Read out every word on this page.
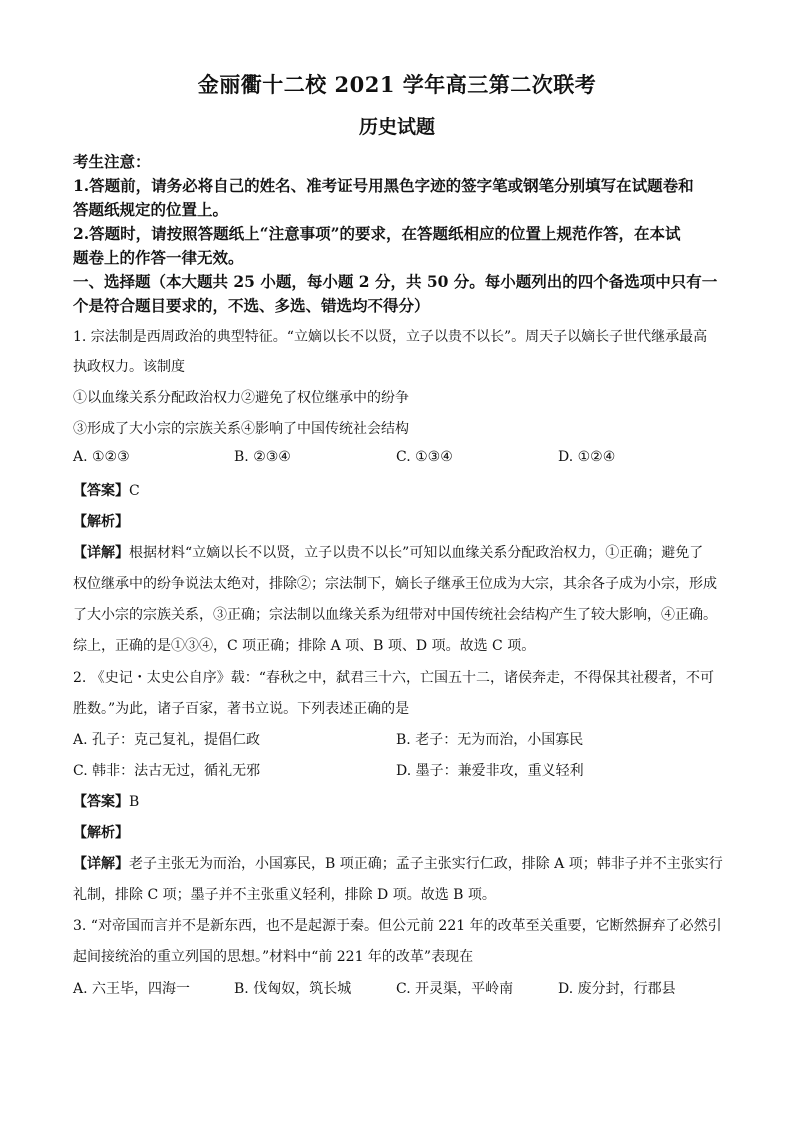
金丽衢十二校 2021 学年高三第二次联考
历史试题
考生注意：
1.答题前，请务必将自己的姓名、准考证号用黑色字迹的签字笔或钢笔分别填写在试题卷和
答题纸规定的位置上。
2.答题时，请按照答题纸上“注意事项”的要求，在答题纸相应的位置上规范作答，在本试
题卷上的作答一律无效。
一、选择题（本大题共 25 小题，每小题 2 分，共 50 分。每小题列出的四个备选项中只有一
个是符合题目要求的，不选、多选、错选均不得分）
1. 宗法制是西周政治的典型特征。“立嫡以长不以贤，立子以贵不以长”。周天子以嫡长子世代继承最高
执政权力。该制度
①以血缘关系分配政治权力②避免了权位继承中的纷争
③形成了大小宗的宗族关系④影响了中国传统社会结构
A. ①②③	B. ②③④	C. ①③④	D. ①②④
【答案】C
【解析】
【详解】根据材料“立嫡以长不以贤，立子以贵不以长”可知以血缘关系分配政治权力，①正确；避免了
权位继承中的纷争说法太绝对，排除②；宗法制下，嫡长子继承王位成为大宗，其余各子成为小宗，形成
了大小宗的宗族关系，③正确；宗法制以血缘关系为纽带对中国传统社会结构产生了较大影响，④正确。
综上，正确的是①③④，C 项正确；排除 A 项、B 项、D 项。故选 C 项。
2. 《史记・太史公自序》载：“春秋之中，弑君三十六，亡国五十二，诸侯奔走，不得保其社稷者，不可
胜数。”为此，诸子百家，著书立说。下列表述正确的是
A. 孔子：克己复礼，提倡仁政	B. 老子：无为而治，小国寡民
C. 韩非：法古无过，循礼无邪	D. 墨子：兼爱非攻，重义轻利
【答案】B
【解析】
【详解】老子主张无为而治，小国寡民，B 项正确；孟子主张实行仁政，排除 A 项；韩非子并不主张实行
礼制，排除 C 项；墨子并不主张重义轻利，排除 D 项。故选 B 项。
3. “对帝国而言并不是新东西，也不是起源于秦。但公元前 221 年的改革至关重要，它断然摒弃了必然引
起间接统治的重立列国的思想。”材料中“前 221 年的改革”表现在
A. 六王毕，四海一	B. 伐匈奴，筑长城	C. 开灵渠，平岭南	D. 废分封，行郡县
